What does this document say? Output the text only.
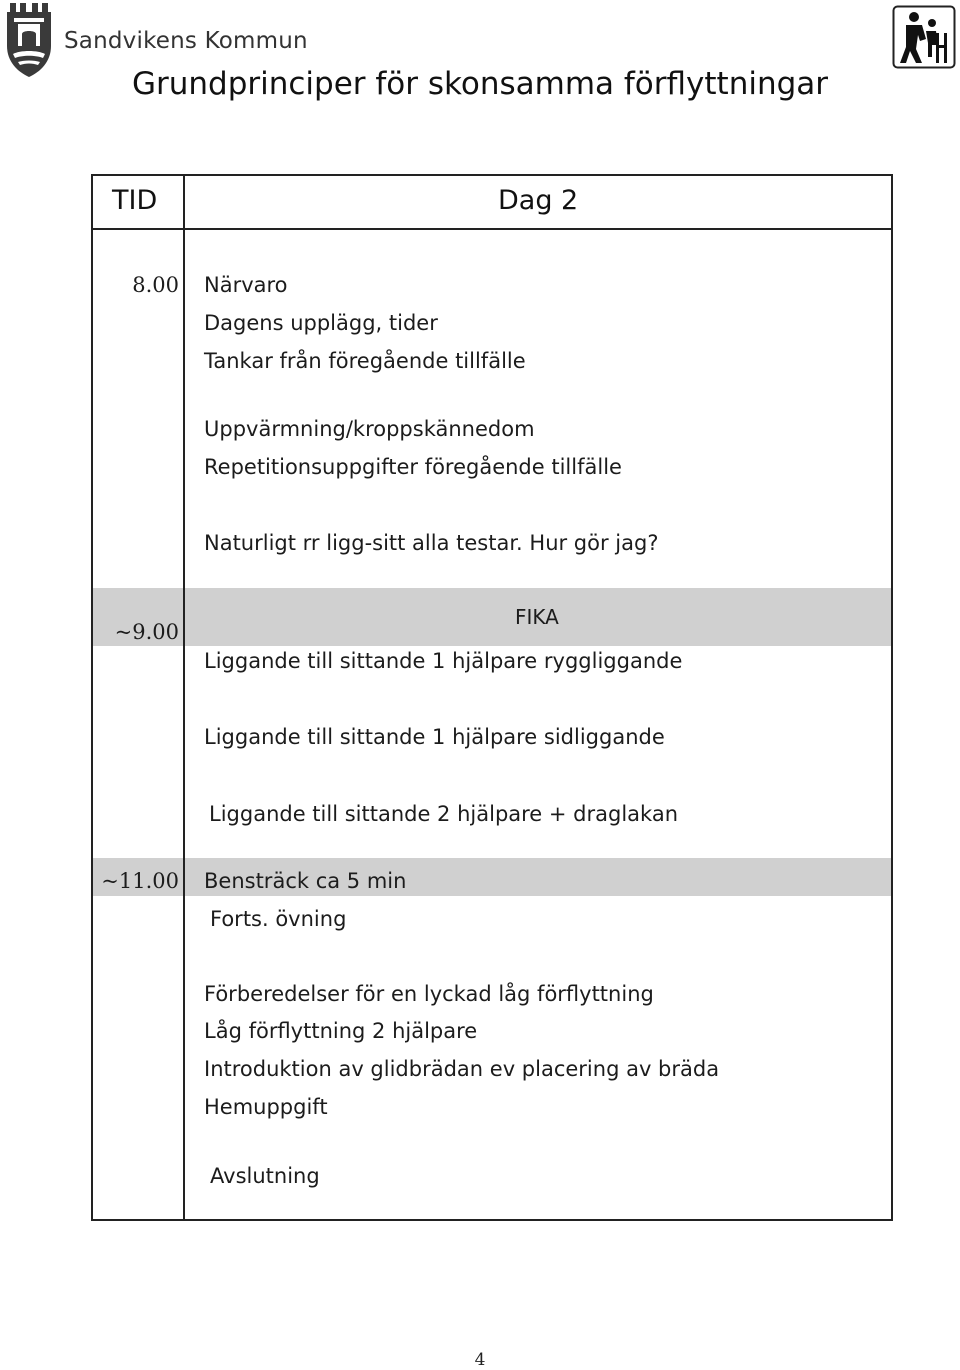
Sandvikens Kommun
Grundprinciper för skonsamma förflyttningar
TID	Dag 2
8.00
~9.00
~11.00
Närvaro
Dagens upplägg, tider
Tankar från föregående tillfälle
Uppvärmning/kroppskännedom
Repetitionsuppgifter föregående tillfälle
Naturligt rr ligg-sitt alla testar. Hur gör jag?
FIKA
Liggande till sittande 1 hjälpare ryggliggande
Liggande till sittande 1 hjälpare sidliggande
Liggande till sittande 2 hjälpare + draglakan
Bensträck ca 5 min
Forts. övning
Förberedelser för en lyckad låg förflyttning
Låg förflyttning 2 hjälpare
Introduktion av glidbrädan ev placering av bräda
Hemuppgift
Avslutning
4
